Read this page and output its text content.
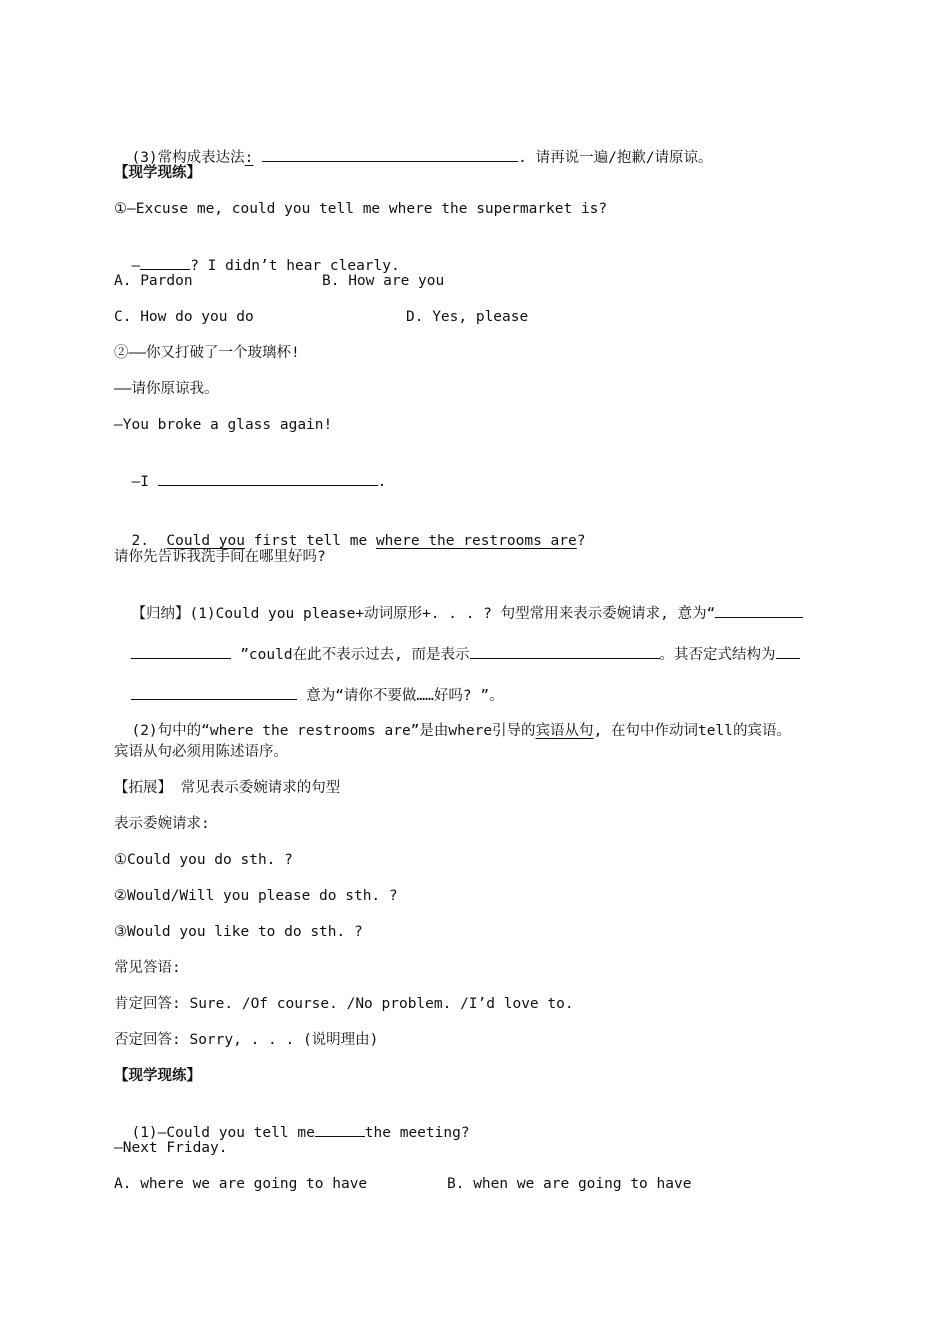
(3)常构成表达法:	. 请再说一遍/抱歉/请原谅。

【现学现练】
①—Excuse me, could you tell me where the supermarket is?

—	? I didn’t hear clearly.

A. Pardon	B. How are you
C. How do you do	D. Yes, please
②——你又打破了一个玻璃杯!
——请你原谅我。
—You broke a glass again!

—I	.

2.  Could you first tell me where the restrooms are?

请你先告诉我洗手间在哪里好吗?

【归纳】(1)Could you please+动词原形+. . . ? 句型常用来表示委婉请求, 意为“

”could在此不表示过去, 而是表示	。其否定式结构为

意为“请你不要做……好吗? ”。

(2)句中的“where the restrooms are”是由where引导的宾语从句, 在句中作动词tell的宾语。

宾语从句必须用陈述语序。
【拓展】 常见表示委婉请求的句型
表示委婉请求:
①Could you do sth. ?
②Would/Will you please do sth. ?
③Would you like to do sth. ?
常见答语:
肯定回答: Sure. /Of course. /No problem. /I’d love to.
否定回答: Sorry, . . . (说明理由)
【现学现练】

(1)—Could you tell me	the meeting?

—Next Friday.
A. where we are going to have	B. when we are going to have
